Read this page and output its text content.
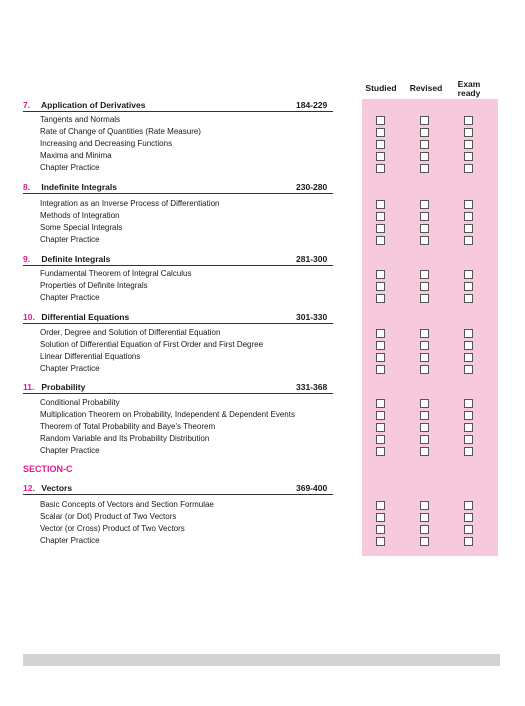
Studied	Revised	Exam
ready
7. Application of Derivatives	184-229
Tangents and Normals
Rate of Change of Quantities (Rate Measure)
Increasing and Decreasing Functions
Maxima and Minima
Chapter Practice
8. Indefinite Integrals	230-280
Integration as an Inverse Process of Differentiation
Methods of Integration
Some Special Integrals
Chapter Practice
9. Definite Integrals	281-300
Fundamental Theorem of Integral Calculus
Properties of Definite Integrals
Chapter Practice
10. Differential Equations	301-330
Order, Degree and Solution of Differential Equation
Solution of Differential Equation of First Order and First Degree
Linear Differential Equations
Chapter Practice
11. Probability	331-368
Conditional Probability
Multiplication Theorem on Probability, Independent & Dependent Events
Theorem of Total Probability and Baye's Theorem
Random Variable and Its Probability Distribution
Chapter Practice
SECTION-C
12. Vectors	369-400
Basic Concepts of Vectors and Section Formulae
Scalar (or Dot) Product of Two Vectors
Vector (or Cross) Product of Two Vectors
Chapter Practice
